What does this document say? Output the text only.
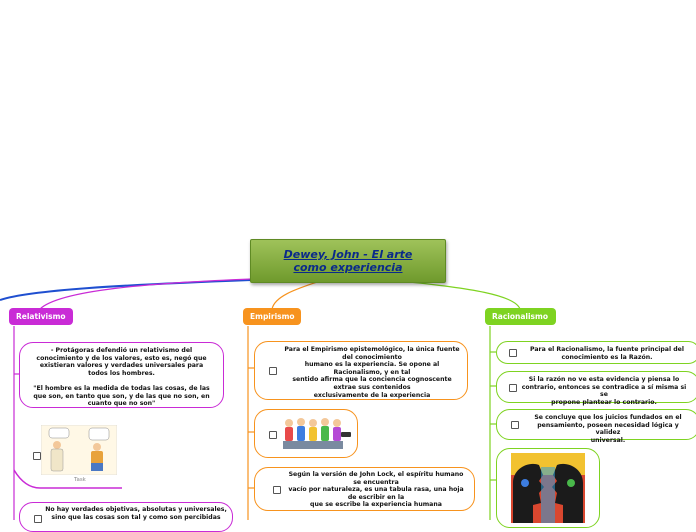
Dewey, John - El arte
como experiencia
Relativismo	Empirismo	Racionalismo
- Protágoras defendió un relativismo del
conocimiento y de los valores, esto es, negó que
existieran valores y verdades universales para
todos los hombres.

"El hombre es la medida de todas las cosas, de las
que son, en tanto que son, y de las que no son, en
cuanto que no son"
Task
No hay verdades objetivas, absolutas y universales,
sino que las cosas son tal y como son percibidas
Para el Empirismo epistemológico, la única fuente
del conocimiento
humano es la experiencia. Se opone al
Racionalismo, y en tal
sentido afirma que la conciencia cognoscente
extrae sus contenidos
exclusivamente de la experiencia
Según la versión de John Lock, el espíritu humano
se encuentra
vacío por naturaleza, es una tabula rasa, una hoja
de escribir en la
que se escribe la experiencia humana
Para el Racionalismo, la fuente principal del
conocimiento es la Razón.
Si la razón no ve esta evidencia y piensa lo
contrario, entonces se contradice a sí misma si se
propone plantear lo contrario.
Se concluye que los juicios fundados en el
pensamiento, poseen necesidad lógica y validez
universal.
